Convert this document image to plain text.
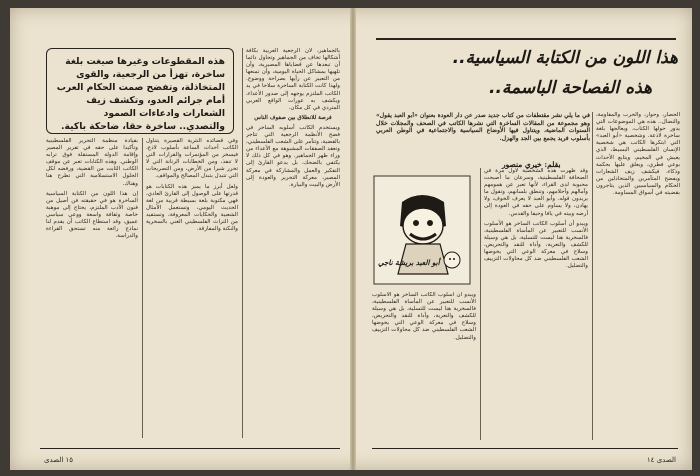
هذه المقطوعات وغيرها صيغت بلغة ساخرة، تهزأ من الرجعية، والقوى المتخاذلة، وتفضح صمت الحكام العرب أمام جرائم العدو، وتكشف زيف الشعارات وادعاءات الصمود والتصدي.. ساخرة حقا، ضاحكة باكية.

بقيادة منظمة التحرير الفلسطينية وتأكيدا على حقه في تقرير المصير وإقامة الدولة المستقلة فوق ترابه الوطني. وهذه الكتابات تعبر عن موقف الكاتب الثابت من القضية، ورفضه لكل الحلول الاستسلامية التي تطرح هنا وهناك.

إن هذا اللون من الكتابة السياسية الساخرة هو في حقيقته فن أصيل من فنون الأدب الملتزم، يحتاج إلى موهبة خاصة وثقافة واسعة ووعي سياسي عميق، وقد استطاع الكاتب أن يقدم لنا نماذج رائعة منه تستحق القراءة والدراسة.

وفي قصائده النثرية القصيرة يتناول الكاتب أحداث الساعة بأسلوب لاذع، فيسخر من المؤتمرات والقرارات التي لا تنفذ، ومن الخطابات الرنانة التي لا تحرر شبرا من الأرض، ومن التصريحات التي تتبدل بتبدل المصالح والمواقف.

ولعل أبرز ما يميز هذه الكتابات هو قدرتها على الوصول إلى القارئ العادي، فهي مكتوبة بلغة بسيطة قريبة من لغة الحديث اليومي، وتستعمل الأمثال الشعبية والحكايات المعروفة، وتستفيد من التراث الفلسطيني الغني بالسخرية والنكتة والمفارقة.

بالجماهير، لأن الرجعية العربية بكافة أشكالها تخاف من الجماهير وتحاول دائما أن تبعدها عن قضاياها المصيرية، وأن تلهيها بمشاكل الحياة اليومية، وأن تمنعها من التعبير عن رأيها بصراحة ووضوح. ولهذا كانت الكتابة الساخرة سلاحا في يد الكاتب الملتزم يوجهه إلى صدور الأعداء، ويكشف به عورات الواقع العربي المتردي في كل مكان.

فرصة للانطلاق بين صفوف الناس

ويستخدم الكاتب أسلوبه الساخر في فضح الأنظمة الرجعية التي تتاجر بالقضية، وتتآمر على الشعب الفلسطيني، وتعقد الصفقات المشبوهة مع الأعداء من وراء ظهر الجماهير. وهو في كل ذلك لا يكتفي بالضحك، بل يدعو القارئ إلى التفكير والعمل والمشاركة في معركة المصير، معركة التحرير والعودة إلى الأرض والبيت والبيارة.

١٥ الصدى
هذا اللون من الكتابة السياسية..
هذه الفصاحة الباسمة..
في ما يلي نشر مقتطفات من كتاب جديد صدر عن دار العودة بعنوان «أبو العبد يقول» وهو مجموعة من المقالات الساخرة التي نشرها الكاتب في الصحف والمجلات خلال السنوات الماضية، ويتناول فيها الأوضاع السياسية والاجتماعية في الوطن العربي بأسلوب فريد يجمع بين الجد والهزل.
بقلم: خيري منصور
أبو العبد بريشة ناجي

ويبدو أن أسلوب الكاتب الساخر هو الأسلوب الأنسب للتعبير عن المأساة الفلسطينية، فالسخرية هنا ليست للتسلية، بل هي وسيلة للكشف والتعرية، وأداة للنقد والتحريض، وسلاح في معركة الوعي التي يخوضها الشعب الفلسطيني ضد كل محاولات التزييف والتضليل.

وقد ظهرت هذه الشخصية لأول مرة في الصحافة الفلسطينية، وسرعان ما أصبحت محبوبة لدى القراء، لأنها تعبر عن همومهم وآمالهم وأحلامهم، وتنطق بلسانهم، وتقول ما يريدون قوله. وأبو العبد لا يعرف الخوف، ولا يهادن، ولا يساوم على حقه في العودة إلى أرضه وبيته في يافا وحيفا والقدس.

ويبدو أن أسلوب الكاتب الساخر هو الأسلوب الأنسب للتعبير عن المأساة الفلسطينية، فالسخرية هنا ليست للتسلية، بل هي وسيلة للكشف والتعرية، وأداة للنقد والتحريض، وسلاح في معركة الوعي التي يخوضها الشعب الفلسطيني ضد كل محاولات التزييف والتضليل.

الحصار، وحوار، والحرب والمقاومة، والنضال.. هذه هي الموضوعات التي يدور حولها الكتاب، ويعالجها بلغة ساخرة لاذعة. وشخصية «أبو العبد» التي ابتكرها الكاتب هي شخصية الإنسان الفلسطيني البسيط، الذي يعيش في المخيم، ويتابع الأحداث بوعي فطري، ويعلق عليها بحكمة وذكاء، فيكشف زيف الشعارات ويفضح المتآمرين والمتخاذلين من الحكام والسياسيين الذين يتاجرون بقضيته في أسواق المساومة.

الصدى ١٤
